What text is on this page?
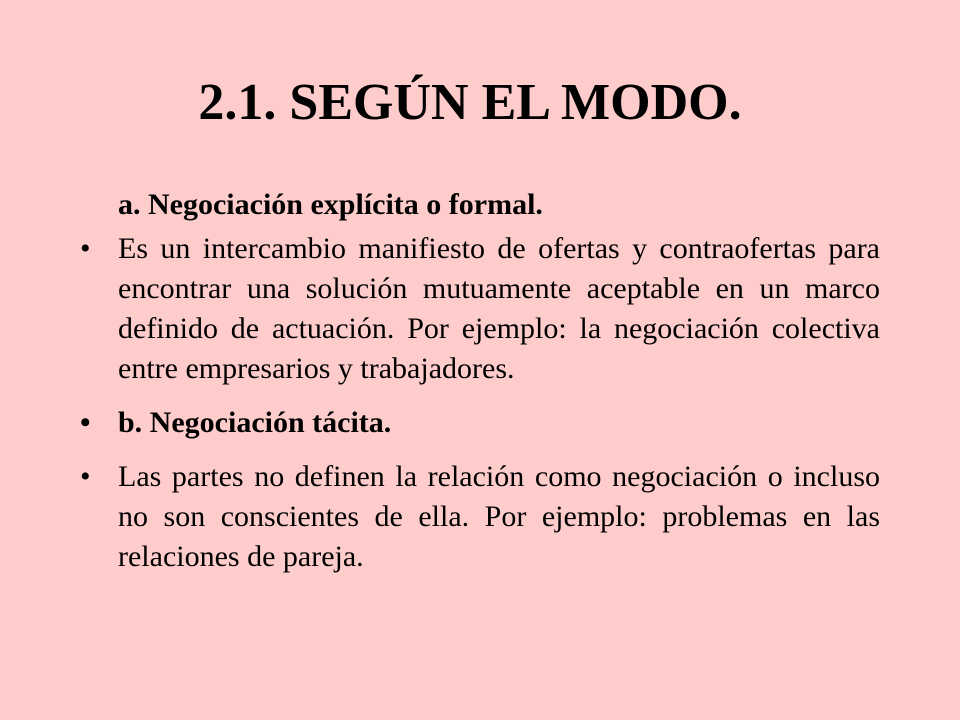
2.1. SEGÚN EL MODO.

a. Negociación explícita o formal.

• Es un intercambio manifiesto de ofertas y contraofertas para encontrar una solución mutuamente aceptable en un marco definido de actuación. Por ejemplo: la negociación colectiva entre empresarios y trabajadores.

• b. Negociación tácita.

• Las partes no definen la relación como negociación o incluso no son conscientes de ella. Por ejemplo: problemas en las relaciones de pareja.
